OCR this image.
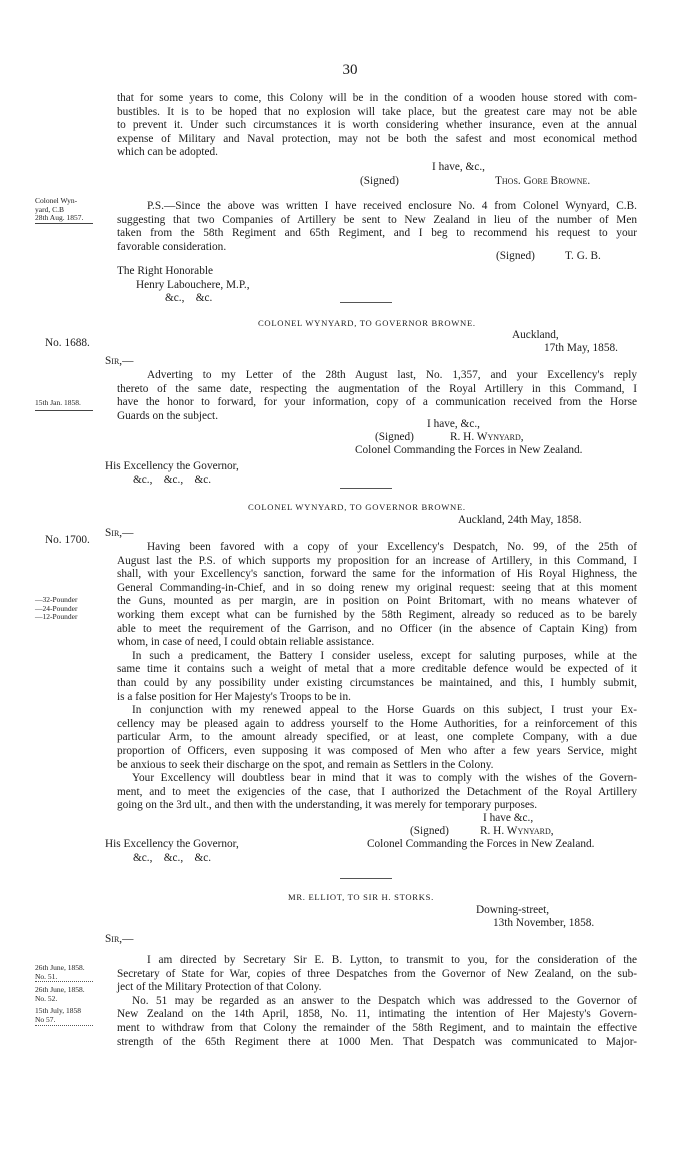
30
that for some years to come, this Colony will be in the condition of a wooden house stored with com-
bustibles. It is to be hoped that no explosion will take place, but the greatest care may not be able
to prevent it. Under such circumstances it is worth considering whether insurance, even at the annual
expense of Military and Naval protection, may not be both the safest and most economical method
which can be adopted.
I have, &c.,
(Signed)	Thos. Gore Browne.
Colonel Wyn-
yard, C.B
28th Aug. 1857.
P.S.—Since the above was written I have received enclosure No. 4 from Colonel Wynyard, C.B.
suggesting that two Companies of Artillery be sent to New Zealand in lieu of the number of Men
taken from the 58th Regiment and 65th Regiment, and I beg to recommend his request to your
favorable consideration.
(Signed)	T. G. B.
The Right Honorable
Henry Labouchere, M.P.,
&c.,    &c.
COLONEL WYNYARD, TO GOVERNOR BROWNE.
Auckland,
No. 1688.	17th May, 1858.
Sir,—
Adverting to my Letter of the 28th August last, No. 1,357, and your Excellency's reply
thereto of the same date, respecting the augmentation of the Royal Artillery in this Command, I
have the honor to forward, for your information, copy of a communication received from the Horse
Guards on the subject.
15th Jan. 1858.
I have, &c.,
(Signed)	R. H. Wynyard,
Colonel Commanding the Forces in New Zealand.
His Excellency the Governor,
&c.,    &c.,    &c.
COLONEL WYNYARD, TO GOVERNOR BROWNE.
Auckland, 24th May, 1858.
Sir,—
No. 1700.
Having been favored with a copy of your Excellency's Despatch, No. 99, of the 25th of
August last the P.S. of which supports my proposition for an increase of Artillery, in this Command, I
shall, with your Excellency's sanction, forward the same for the information of His Royal Highness, the
General Commanding-in-Chief, and in so doing renew my original request: seeing that at this moment
the Guns, mounted as per margin, are in position on Point Britomart, with no means whatever of
working them except what can be furnished by the 58th Regiment, already so reduced as to be barely
able to meet the requirement of the Garrison, and no Officer (in the absence of Captain King) from
whom, in case of need, I could obtain reliable assistance.
In such a predicament, the Battery I consider useless, except for saluting purposes, while at the
same time it contains such a weight of metal that a more creditable defence would be expected of it
than could by any possibility under existing circumstances be maintained, and this, I humbly submit,
is a false position for Her Majesty's Troops to be in.
In conjunction with my renewed appeal to the Horse Guards on this subject, I trust your Ex-
cellency may be pleased again to address yourself to the Home Authorities, for a reinforcement of this
particular Arm, to the amount already specified, or at least, one complete Company, with a due
proportion of Officers, even supposing it was composed of Men who after a few years Service, might
be anxious to seek their discharge on the spot, and remain as Settlers in the Colony.
Your Excellency will doubtless bear in mind that it was to comply with the wishes of the Govern-
ment, and to meet the exigencies of the case, that I authorized the Detachment of the Royal Artillery
going on the 3rd ult., and then with the understanding, it was merely for temporary purposes.
—32-Pounder
—24-Pounder
—12-Pounder
I have &c.,
(Signed)	R. H. Wynyard,
His Excellency the Governor,	Colonel Commanding the Forces in New Zealand.
&c.,    &c.,    &c.
MR. ELLIOT, TO SIR H. STORKS.
Downing-street,
13th November, 1858.
Sir,—
I am directed by Secretary Sir E. B. Lytton, to transmit to you, for the consideration of the
Secretary of State for War, copies of three Despatches from the Governor of New Zealand, on the sub-
ject of the Military Protection of that Colony.
No. 51 may be regarded as an answer to the Despatch which was addressed to the Governor of
New Zealand on the 14th April, 1858, No. 11, intimating the intention of Her Majesty's Govern-
ment to withdraw from that Colony the remainder of the 58th Regiment, and to maintain the effective
strength of the 65th Regiment there at 1000 Men. That Despatch was communicated to Major-
26th June, 1858.
No. 51.
26th June, 1858.
No. 52.
15th July, 1858
No 57.
